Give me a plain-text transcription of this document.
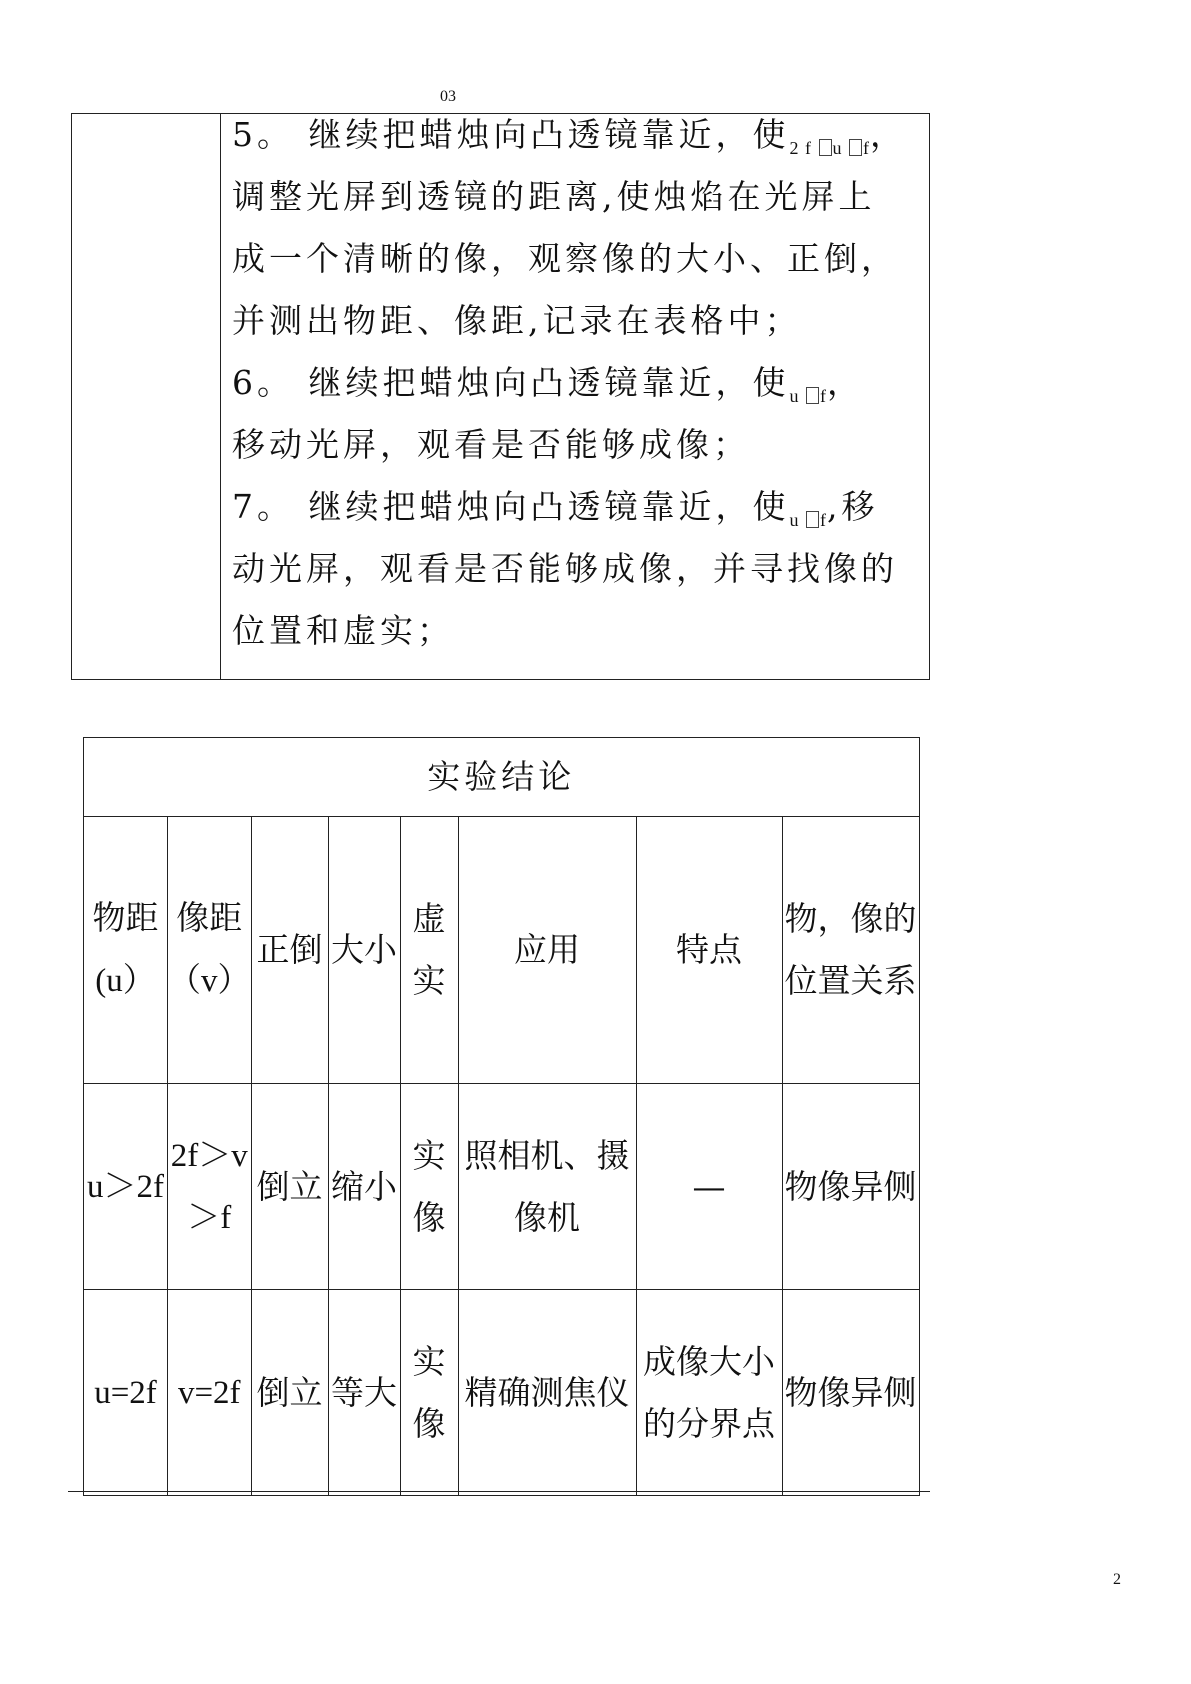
03
5。 继续把蜡烛向凸透镜靠近，使$_{2 f u f}$，
调整光屏到透镜的距离,使烛焰在光屏上
成一个清晰的像，观察像的大小、正倒，
并测出物距、像距,记录在表格中；
6。 继续把蜡烛向凸透镜靠近，使$_{u f}$，
移动光屏，观看是否能够成像；
7。 继续把蜡烛向凸透镜靠近，使$_{u f}$,移
动光屏，观看是否能够成像，并寻找像的
位置和虚实；
实验结论							
物距(u）	像距（v）	正倒	大小	虚实	应用	特点	物，像的位置关系
u＞2f	2f＞v＞f	倒立	缩小	实像	照相机、摄像机	—	物像异侧
u=2f	v=2f	倒立	等大	实像	精确测焦仪	成像大小的分界点	物像异侧
2
